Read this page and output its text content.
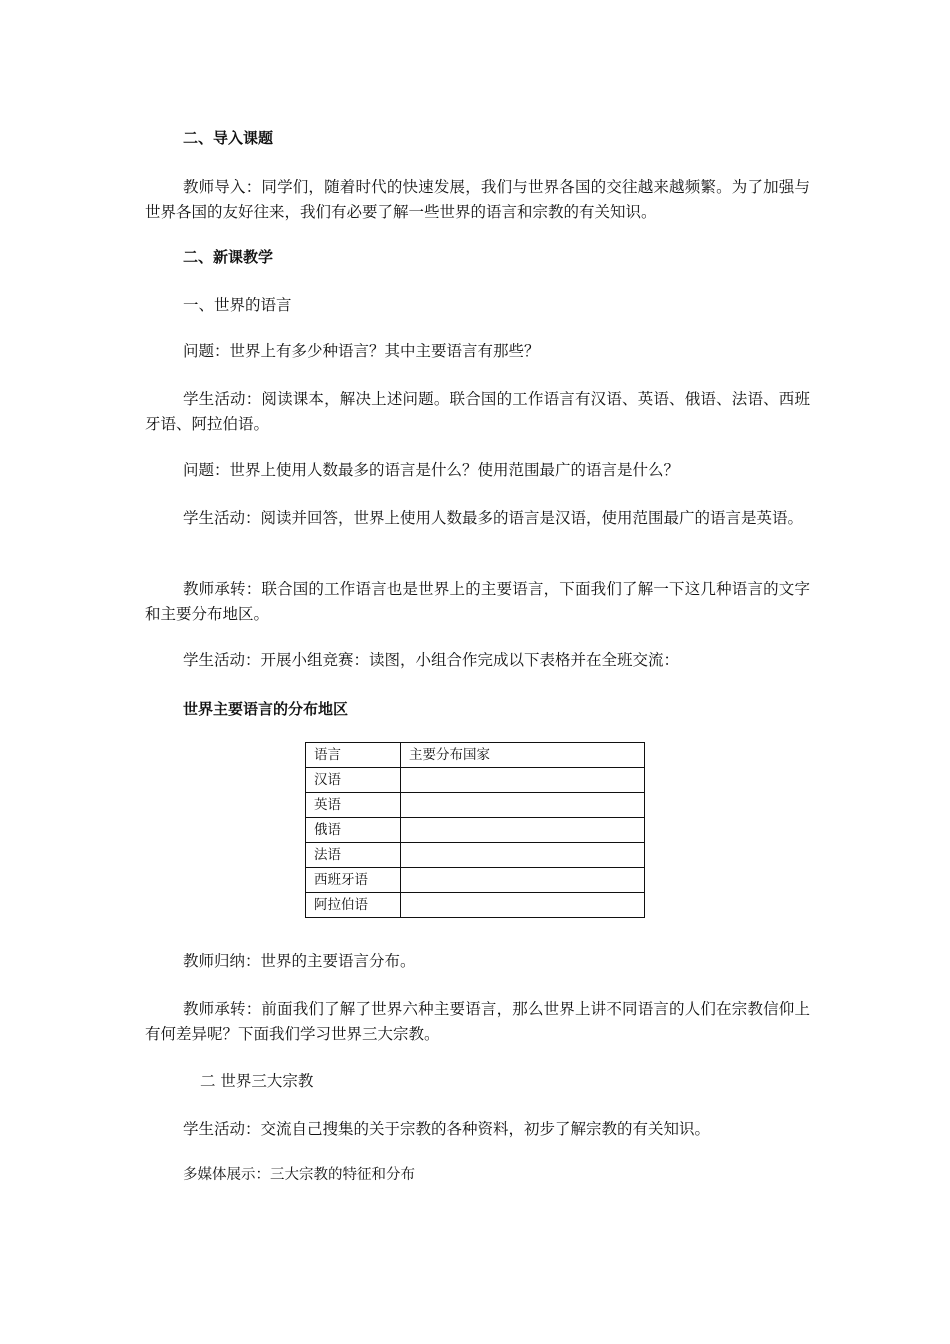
二、导入课题
教师导入：同学们，随着时代的快速发展，我们与世界各国的交往越来越频繁。为了加强与世界各国的友好往来，我们有必要了解一些世界的语言和宗教的有关知识。
二、新课教学
一、世界的语言
问题：世界上有多少种语言？其中主要语言有那些？
学生活动：阅读课本，解决上述问题。联合国的工作语言有汉语、英语、俄语、法语、西班牙语、阿拉伯语。
问题：世界上使用人数最多的语言是什么？使用范围最广的语言是什么？
学生活动：阅读并回答，世界上使用人数最多的语言是汉语，使用范围最广的语言是英语。
教师承转：联合国的工作语言也是世界上的主要语言，下面我们了解一下这几种语言的文字和主要分布地区。
学生活动：开展小组竞赛：读图，小组合作完成以下表格并在全班交流：
世界主要语言的分布地区
语言	主要分布国家
汉语	
英语	
俄语	
法语	
西班牙语	
阿拉伯语	
教师归纳：世界的主要语言分布。
教师承转：前面我们了解了世界六种主要语言，那么世界上讲不同语言的人们在宗教信仰上有何差异呢？下面我们学习世界三大宗教。
二 世界三大宗教
学生活动：交流自己搜集的关于宗教的各种资料，初步了解宗教的有关知识。
多媒体展示：三大宗教的特征和分布
